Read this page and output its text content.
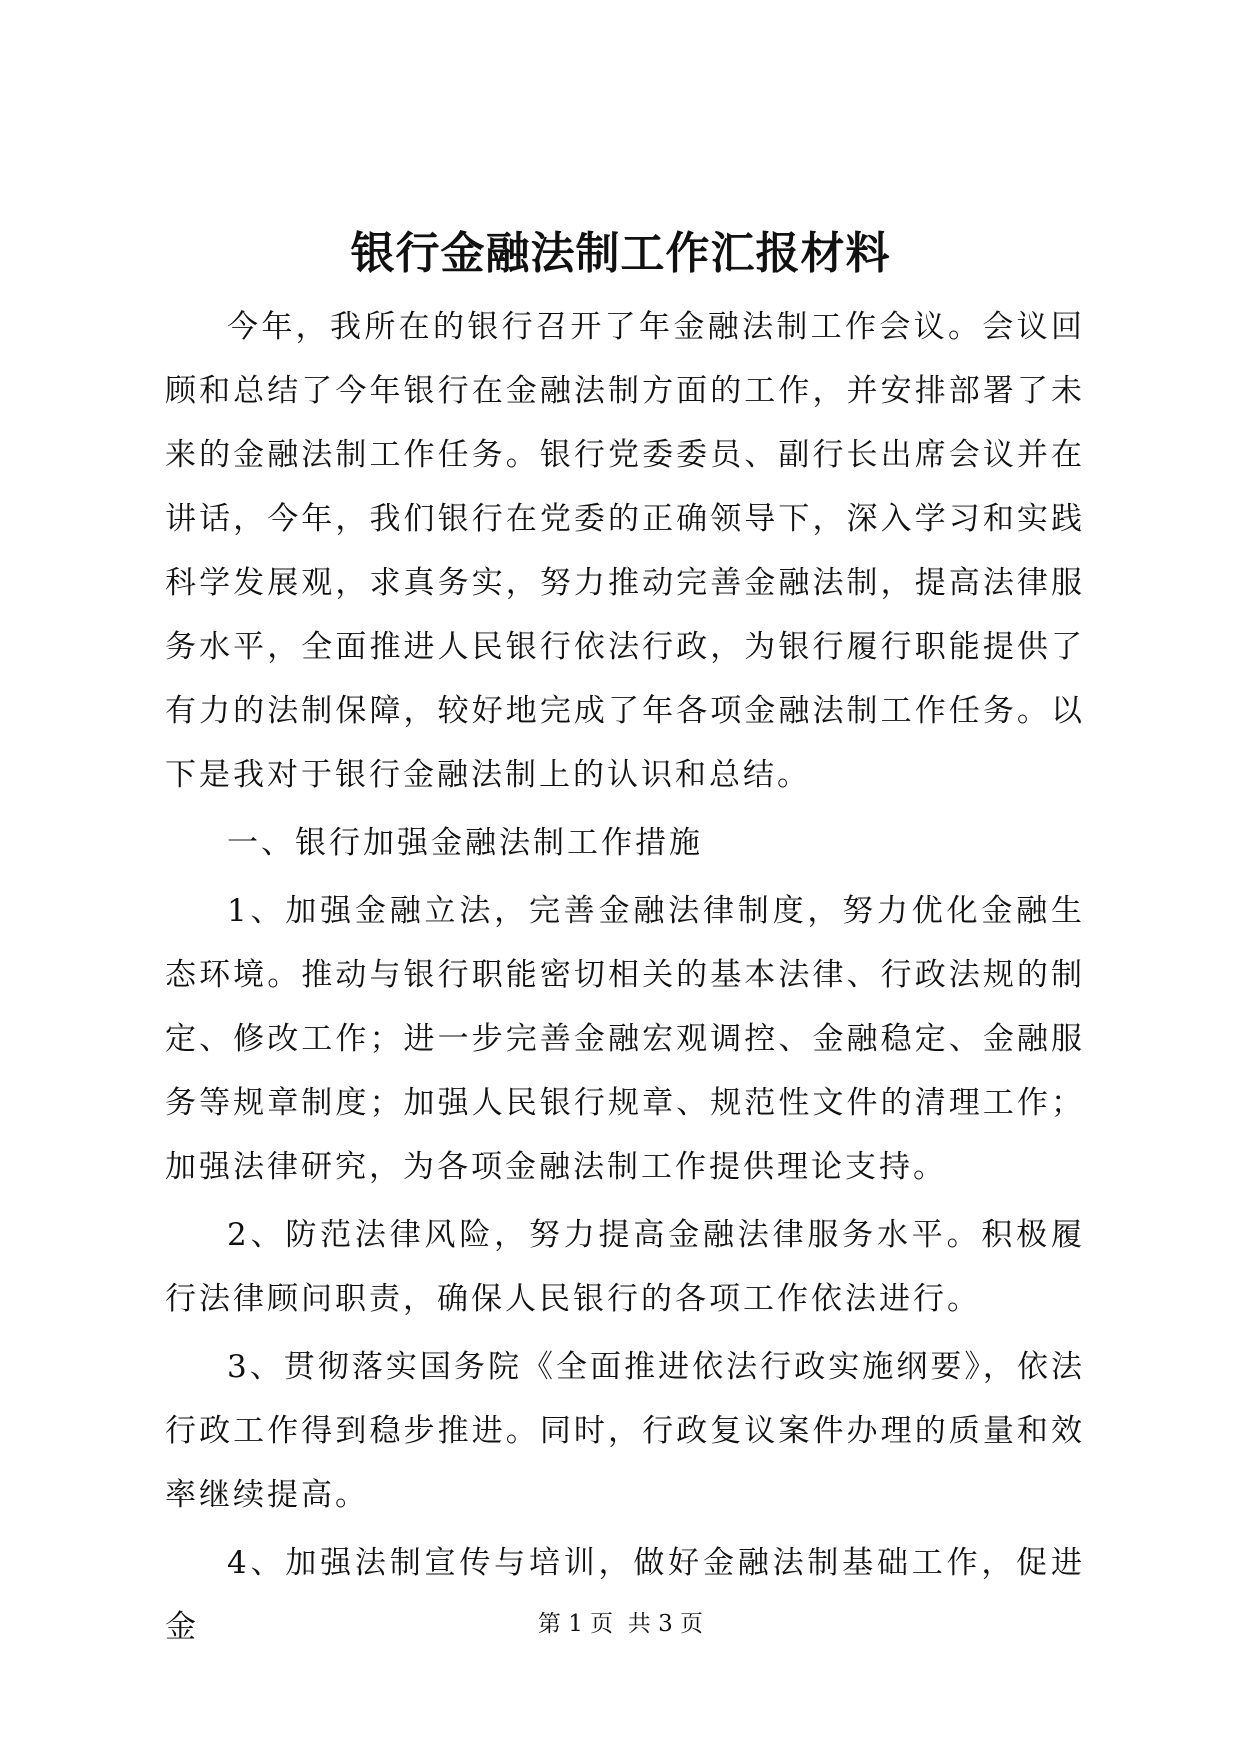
银行金融法制工作汇报材料

今年，我所在的银行召开了年金融法制工作会议。会议回顾和总结了今年银行在金融法制方面的工作，并安排部署了未来的金融法制工作任务。银行党委委员、副行长出席会议并在讲话，今年，我们银行在党委的正确领导下，深入学习和实践科学发展观，求真务实，努力推动完善金融法制，提高法律服务水平，全面推进人民银行依法行政，为银行履行职能提供了有力的法制保障，较好地完成了年各项金融法制工作任务。以下是我对于银行金融法制上的认识和总结。

一、银行加强金融法制工作措施

1、加强金融立法，完善金融法律制度，努力优化金融生态环境。推动与银行职能密切相关的基本法律、行政法规的制定、修改工作；进一步完善金融宏观调控、金融稳定、金融服务等规章制度；加强人民银行规章、规范性文件的清理工作；加强法律研究，为各项金融法制工作提供理论支持。

2、防范法律风险，努力提高金融法律服务水平。积极履行法律顾问职责，确保人民银行的各项工作依法进行。

3、贯彻落实国务院《全面推进依法行政实施纲要》，依法行政工作得到稳步推进。同时，行政复议案件办理的质量和效率继续提高。

4、加强法制宣传与培训，做好金融法制基础工作，促进金	第 1 页  共 3 页
